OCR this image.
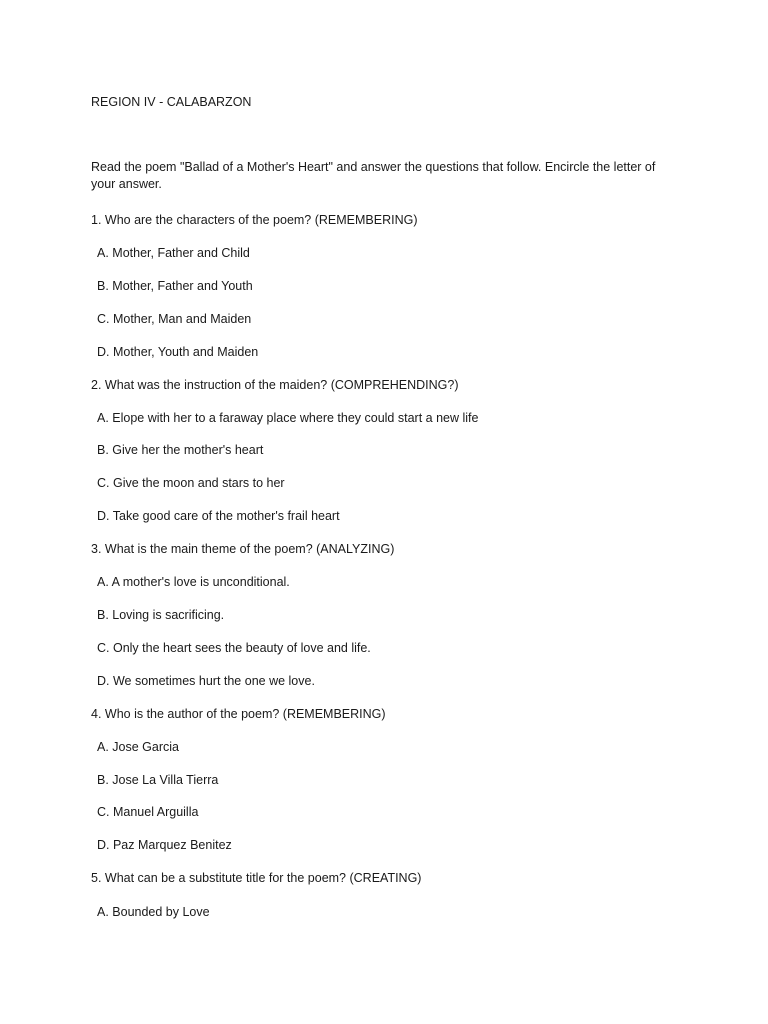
REGION IV - CALABARZON
Read the poem "Ballad of a Mother's Heart" and answer the questions that follow. Encircle the letter of your answer.
1. Who are the characters of the poem? (REMEMBERING)
A. Mother, Father and Child
B. Mother, Father and Youth
C. Mother, Man and Maiden
D. Mother, Youth and Maiden
2. What was the instruction of the maiden? (COMPREHENDING?)
A. Elope with her to a faraway place where they could start a new life
B. Give her the mother's heart
C. Give the moon and stars to her
D. Take good care of the mother's frail heart
3. What is the main theme of the poem? (ANALYZING)
A. A mother's love is unconditional.
B. Loving is sacrificing.
C. Only the heart sees the beauty of love and life.
D. We sometimes hurt the one we love.
4. Who is the author of the poem? (REMEMBERING)
A. Jose Garcia
B. Jose La Villa Tierra
C. Manuel Arguilla
D. Paz Marquez Benitez
5. What can be a substitute title for the poem? (CREATING)
A. Bounded by Love
